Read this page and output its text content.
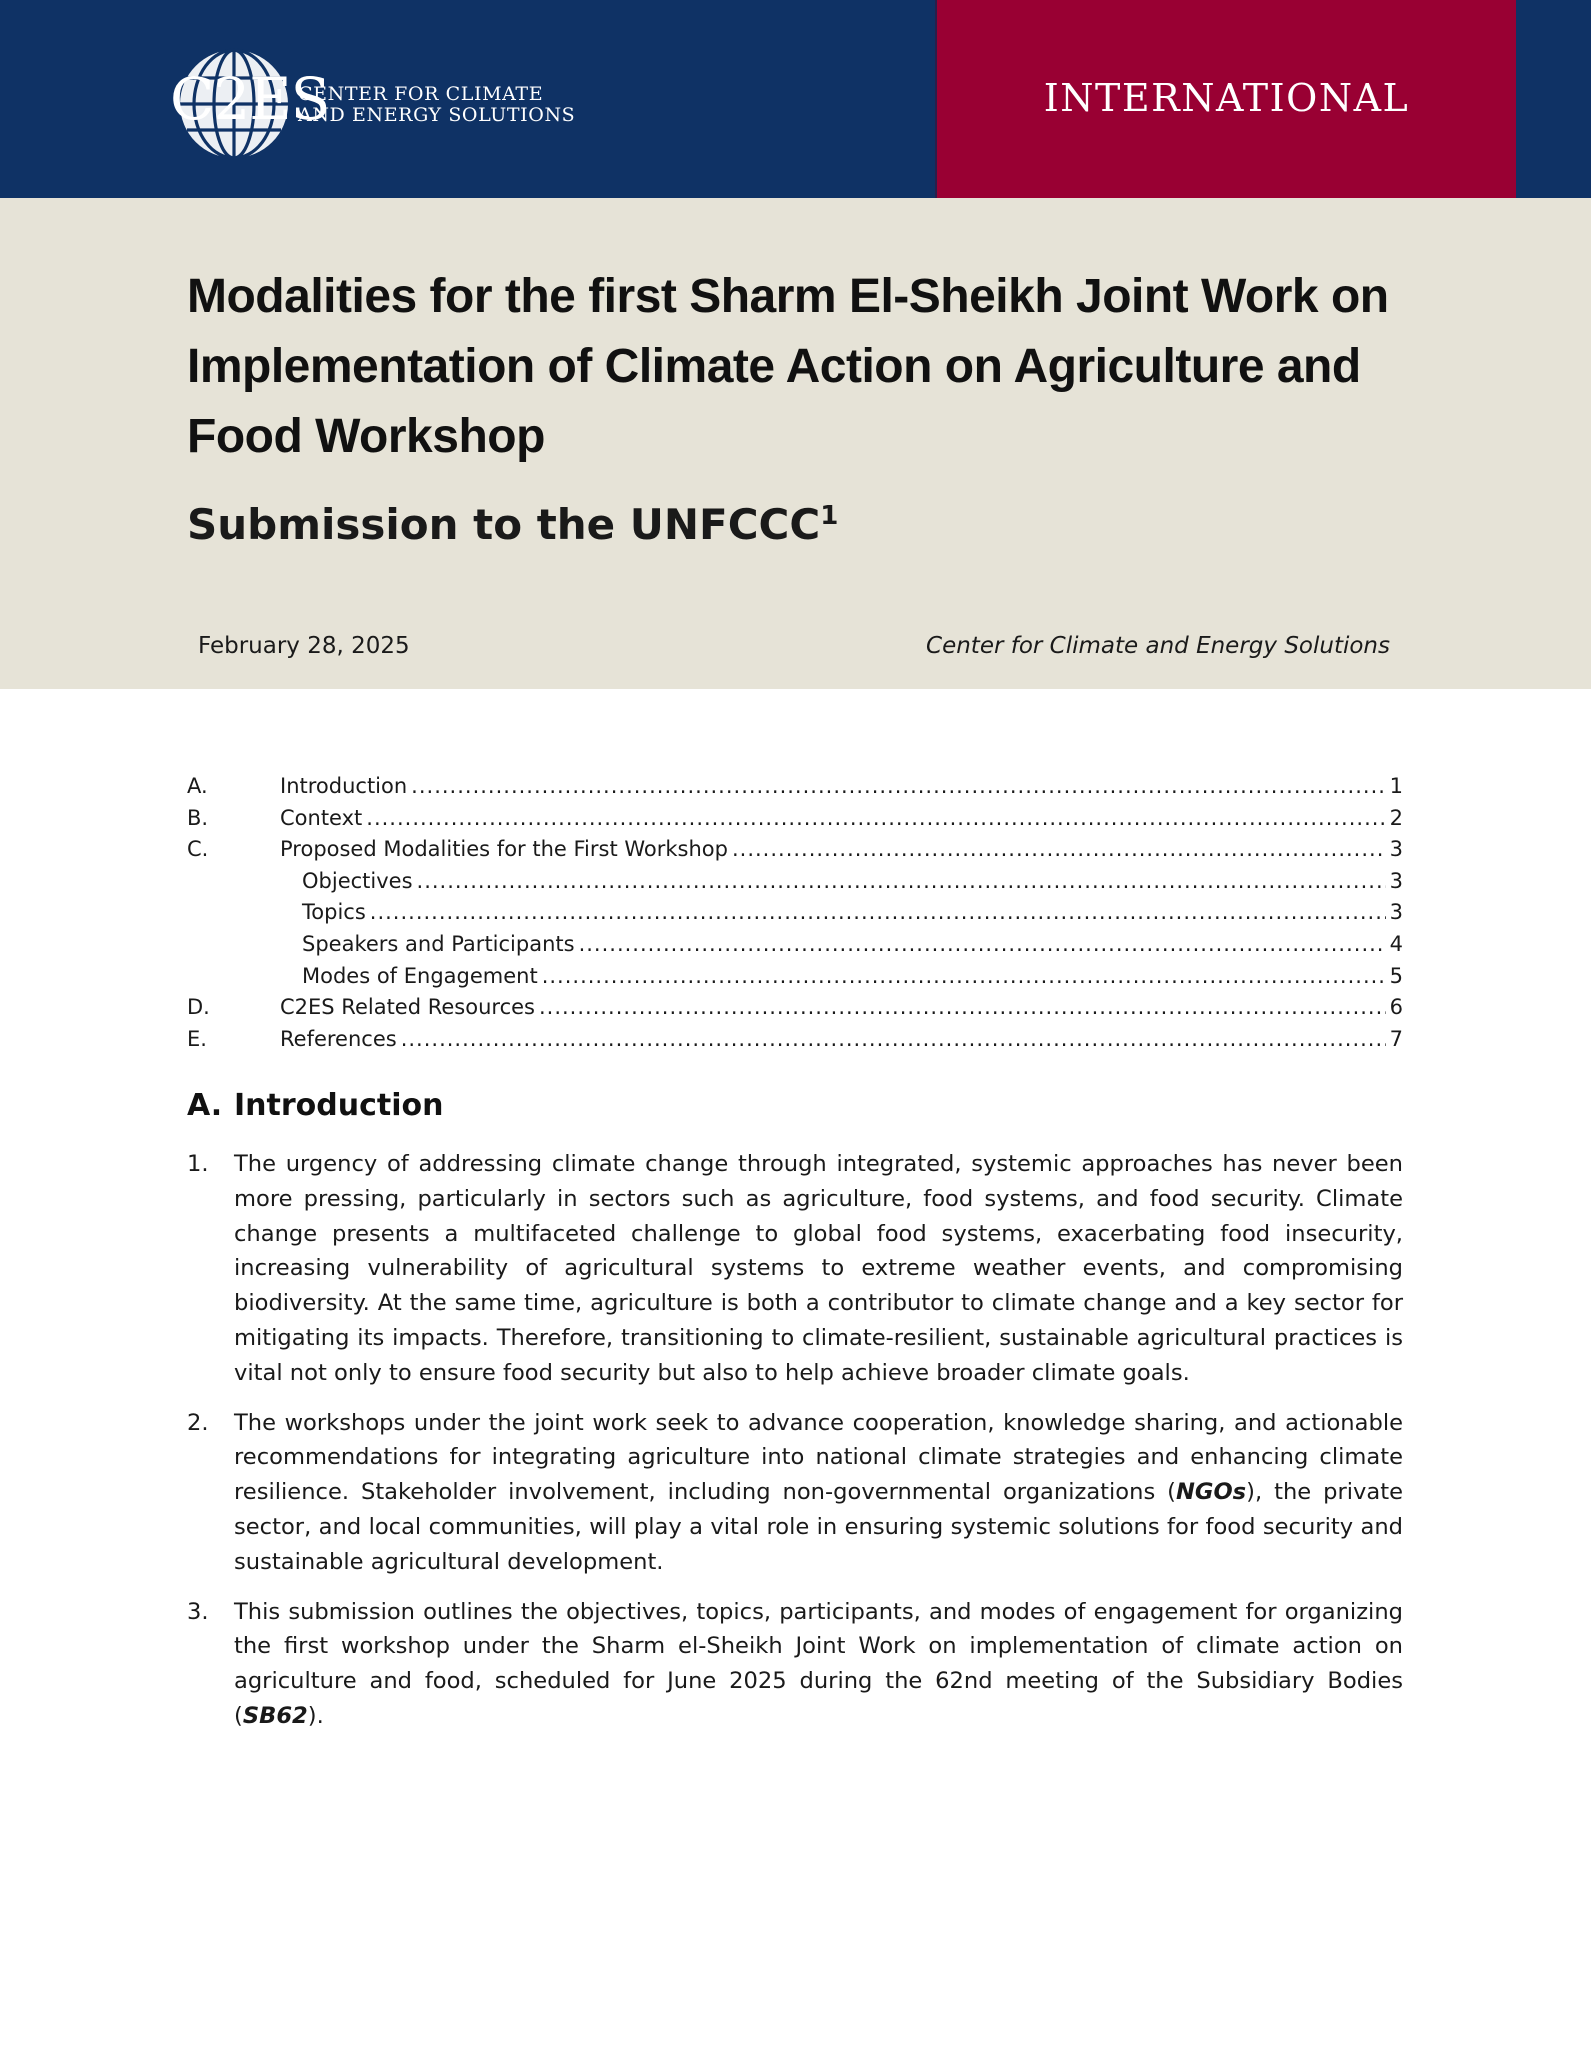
INTERNATIONAL
C2ES
CENTER FOR CLIMATE
AND ENERGY SOLUTIONS
Modalities for the first Sharm El-Sheikh Joint Work on Implementation of Climate Action on Agriculture and Food Workshop
Submission to the UNFCCC$^1$
February 28, 2025	Center for Climate and Energy Solutions
A.	Introduction .....	1
B.	Context .....	2
C.	Proposed Modalities for the First Workshop .....	3
Objectives .....	3
Topics .....	3
Speakers and Participants .....	4
Modes of Engagement .....	5
D.	C2ES Related Resources .....	6
E.	References .....	7
A. Introduction
1. The urgency of addressing climate change through integrated, systemic approaches has never been more pressing, particularly in sectors such as agriculture, food systems, and food security. Climate change presents a multifaceted challenge to global food systems, exacerbating food insecurity, increasing vulnerability of agricultural systems to extreme weather events, and compromising biodiversity. At the same time, agriculture is both a contributor to climate change and a key sector for mitigating its impacts. Therefore, transitioning to climate-resilient, sustainable agricultural practices is vital not only to ensure food security but also to help achieve broader climate goals.
2. The workshops under the joint work seek to advance cooperation, knowledge sharing, and actionable recommendations for integrating agriculture into national climate strategies and enhancing climate resilience. Stakeholder involvement, including non-governmental organizations (NGOs), the private sector, and local communities, will play a vital role in ensuring systemic solutions for food security and sustainable agricultural development.
3. This submission outlines the objectives, topics, participants, and modes of engagement for organizing the first workshop under the Sharm el-Sheikh Joint Work on implementation of climate action on agriculture and food, scheduled for June 2025 during the 62nd meeting of the Subsidiary Bodies (SB62).
